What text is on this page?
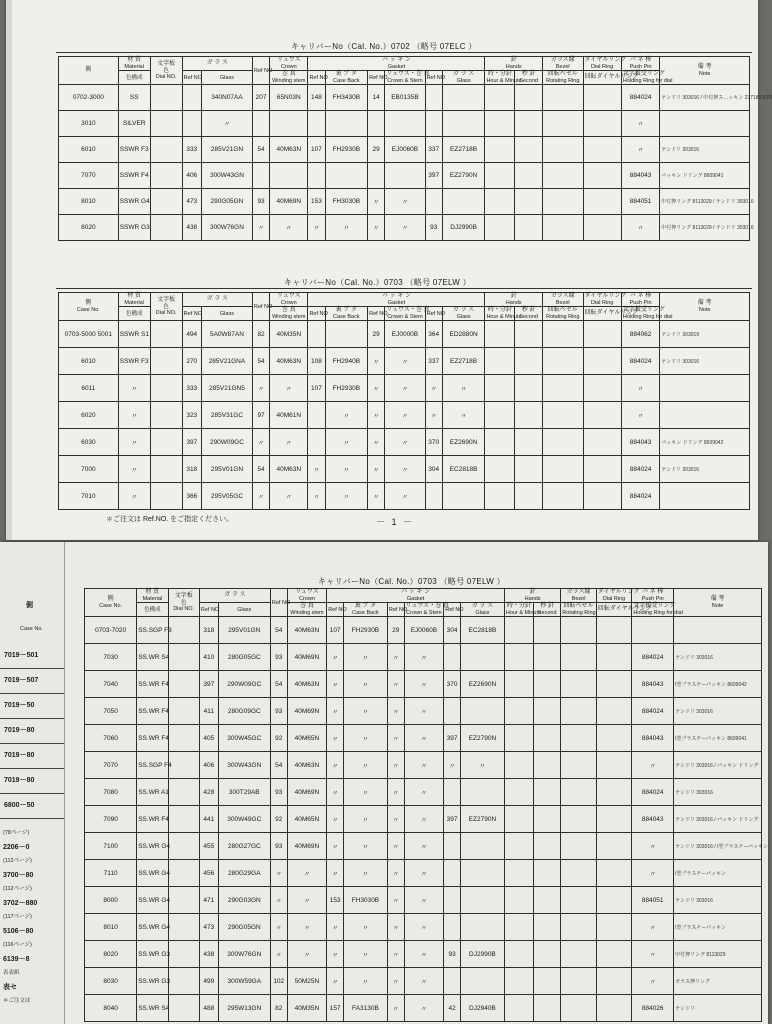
キャリバーNo（Cal. No.）0702 （略号 07ELC ）
側	材 質
Material	文字板
色
Dial NO.	ガ ラ ス		Ref NO	リュウズ
Crown	パ ッ キ ン
Gasket						針
Hands		ガラス縁
Bezel	ダイヤルリング
Dial Ring	バ ネ 棒
Push Pin	備 考
Note
	色構成		Ref NO	Glass		巻 真
Winding stem	Ref NO	裏 ブ タ
Case Back	Ref NO	リュウズ・巻 真
Crown & Stem	Ref NO	ガ ラ ス
Glass	時・分針
Hour & Minute	秒 針
Second	回転ベゼル
Rotating Ring	回転ダイヤルリング	文字板受リング
Holding Ring for dial	
0702-3000	SS			340N07AA	207	65N03N	148	FH3430B	14	EB0135B							884024	テンドリ 303016 / 中付押ス…ッキン 2371803059
3010	SILVER			〃													〃	
6010	SSWR F3		333	285V21GN	54	40M63N	107	FH2930B	29	EJ0060B	337	EZ2718B					〃	テンドリ 303016
7070	SSWR F4		406	300W43GN							397	EZ2790N					884043	パッキン ドリング 8609041
8010	SSWR G4		473	290G05GN	93	40M69N	153	FH3030B	〃	〃							884051	中付押リング 8113029 / テンドリ 303016
8020	SSWR G3		438	300W76GN	〃	〃	〃	〃	〃	〃	93	DJ2990B					〃	中付押リング 8113029 / テンドリ 303016
キャリバーNo（Cal. No.）0703 （略号 07ELW ）
側
Case No.	材 質
Material	文字板
色
Dial NO.	ガ ラ ス		Ref NO	リュウズ
Crown	パ ッ キ ン
Gasket						針
Hands		ガラス縁
Bezel	ダイヤルリング
Dial Ring	バ ネ 棒
Push Pin	備 考
Note
	色構成		Ref NO	Glass		巻 真
Winding stem	Ref NO	裏 ブ タ
Case Back	Ref NO	リュウズ・巻 真
Crown & Stem	Ref NO	ガ ラ ス
Glass	時・分針
Hour & Minute	秒 針
Second	回転ベゼル
Rotating Ring	回転ダイヤルリング	文字板受リング
Holding Ring for dial	
0703-5000 5001	SSWR S1		494	5A0W87AN	82	40M35N			29	EJ0000B	364	ED2880N					884062	テンドリ 303019
6010	SSWR F3		270	285V21GNA	54	40M63N	108	FH2940B	〃	〃	337	EZ2718B					884024	テンドリ 303016
6011	〃		333	285V21GN5	〃	〃	107	FH2930B	〃	〃	〃	〃					〃	
6020	〃		323	285V31GC	97	40M61N		〃	〃	〃	〃	〃					〃	
6030	〃		397	290W09GC	〃	〃		〃	〃	〃	370	EZ2690N					884043	パッキン ドリング 8609042
7000	〃		318	295V01GN	54	40M63N	〃	〃	〃	〃	304	EC2818B					884024	テンドリ 303016
7010	〃		366	295V05GC	〃	〃	〃	〃	〃	〃							884024	
＊ご注文は Ref.NO. をご指定ください。	－ 1 －
側
Case No.
7019－501
7019－507
7019－50
7019－80
7019－80
7019－80
6800－50
(78ページ)
2206－0
(112ページ)
3700－80
(112ページ)
3702－880
(117ページ)
5106－80
(116ページ)
6139－8
表表紙
表セ
＊ご注文は
キャリバーNo（Cal. No.）0703 （略号 07ELW ）
側
Case No.	材 質
Material	文字板
色
Dial NO.	ガ ラ ス		Ref NO	リュウズ
Crown	パ ッ キ ン
Gasket						針
Hands		ガラス縁
Bezel	ダイヤルリング
Dial Ring	バ ネ 棒
Push Pin	備 考
Note
	色構成		Ref NO	Glass		巻 真
Winding stem	Ref NO	裏 ブ タ
Case Back	Ref NO	リュウズ・巻 真
Crown & Stem	Ref NO	ガ ラ ス
Glass	時・分針
Hour & Minute	秒 針
Second	回転ベゼル
Rotating Ring	回転ダイヤルリング	文字板受リング
Holding Ring for dial	
0703-7020	SS.SGP F3		318	295V01GN	54	40M63N	107	FH2930B	29	EJ0060B	304	EC2818B						
7030	SS.WR S4		410	280G05GC	93	40M69N	〃	〃	〃	〃							884024	テンドリ 303016
7040	SS.WR F4		397	290W09GC	54	40M63N	〃	〃	〃	〃	370	EZ2690N					884043	I型プラスチーパッキン 8609042
7050	SS.WR F4		411	280G09GC	93	40M69N	〃	〃	〃	〃							884024	テンドリ 303016
7060	SS.WR F4		405	300W45GC	92	40M65N	〃	〃	〃	〃	397	EZ2790N					884043	I型プラスチーパッキン 8609041
7070	SS.SGP F4		406	300W43GN	54	40M63N	〃	〃	〃	〃	〃	〃					〃	テンドリ 303016 / パッキン ドリング
7080	SS.WR A1		428	300T29AB	93	40M69N	〃	〃	〃	〃							884024	テンドリ 303016
7090	SS.WR F4		441	300W49GC	92	40M65N	〃	〃	〃	〃	397	EZ2790N					884043	テンドリ 303016 / パッキン ドリング
7100	SS.WR G4		455	280G27GC	93	40M69N	〃	〃	〃	〃							〃	テンドリ 303016 / I型プラスチーパッキン
7110	SS.WR G4		456	280G29GA	〃	〃	〃	〃	〃	〃							〃	I型プラスチーパッキン
8000	SS.WR G4		471	290G03GN	〃	〃	153	FH3030B	〃	〃							884051	テンドリ 303016
8010	SS.WR G4		473	290G05GN	〃	〃	〃	〃	〃	〃							〃	I型プラスチーパッキン
8020	SS.WR G3		438	300W76GN	〃	〃	〃	〃	〃	〃	93	DJ2990B					〃	中付押リング 8113029
8030	SS.WR G3		499	300W59GA	102	50M25N	〃	〃	〃	〃							〃	ガラス押リング
8040	SS.WR S4		488	295W13GN	82	40M35N	157	FA3130B	〃	〃	42	DJ2940B					884026	テンドリ
